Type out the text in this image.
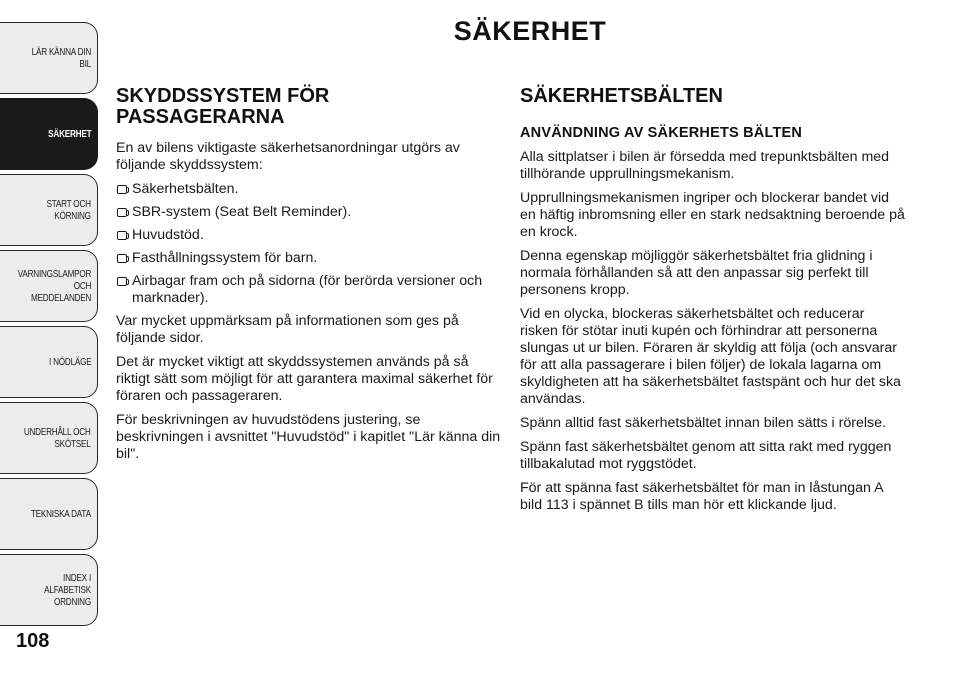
LÄR KÄNNA DIN BIL
SÄKERHET
START OCH
KÖRNING
VARNINGSLAMPOR
OCH
MEDDELANDEN
I NÖDLÄGE
UNDERHÅLL OCH
SKÖTSEL
TEKNISKA DATA
INDEX I ALFABETISK
ORDNING
108
SÄKERHET
SKYDDSSYSTEM FÖR PASSAGERARNA

En av bilens viktigaste säkerhetsanordningar utgörs av följande skyddssystem:

Säkerhetsbälten.
SBR-system (Seat Belt Reminder).
Huvudstöd.
Fasthållningssystem för barn.
Airbagar fram och på sidorna (för berörda versioner och marknader).

Var mycket uppmärksam på informationen som ges på följande sidor.

Det är mycket viktigt att skyddssystemen används på så riktigt sätt som möjligt för att garantera maximal säkerhet för föraren och passageraren.

För beskrivningen av huvudstödens justering, se beskrivningen i avsnittet "Huvudstöd" i kapitlet "Lär känna din bil".

SÄKERHETSBÄLTEN
ANVÄNDNING AV SÄKERHETS BÄLTEN

Alla sittplatser i bilen är försedda med trepunktsbälten med tillhörande upprullningsmekanism.

Upprullningsmekanismen ingriper och blockerar bandet vid en häftig inbromsning eller en stark nedsaktning beroende på en krock.

Denna egenskap möjliggör säkerhetsbältet fria glidning i normala förhållanden så att den anpassar sig perfekt till personens kropp.

Vid en olycka, blockeras säkerhetsbältet och reducerar risken för stötar inuti kupén och förhindrar att personerna slungas ut ur bilen. Föraren är skyldig att följa (och ansvarar för att alla passagerare i bilen följer) de lokala lagarna om skyldigheten att ha säkerhetsbältet fastspänt och hur det ska användas.

Spänn alltid fast säkerhetsbältet innan bilen sätts i rörelse.

Spänn fast säkerhetsbältet genom att sitta rakt med ryggen tillbakalutad mot ryggstödet.

För att spänna fast säkerhetsbältet för man in låstungan A bild 113 i spännet B tills man hör ett klickande ljud.
